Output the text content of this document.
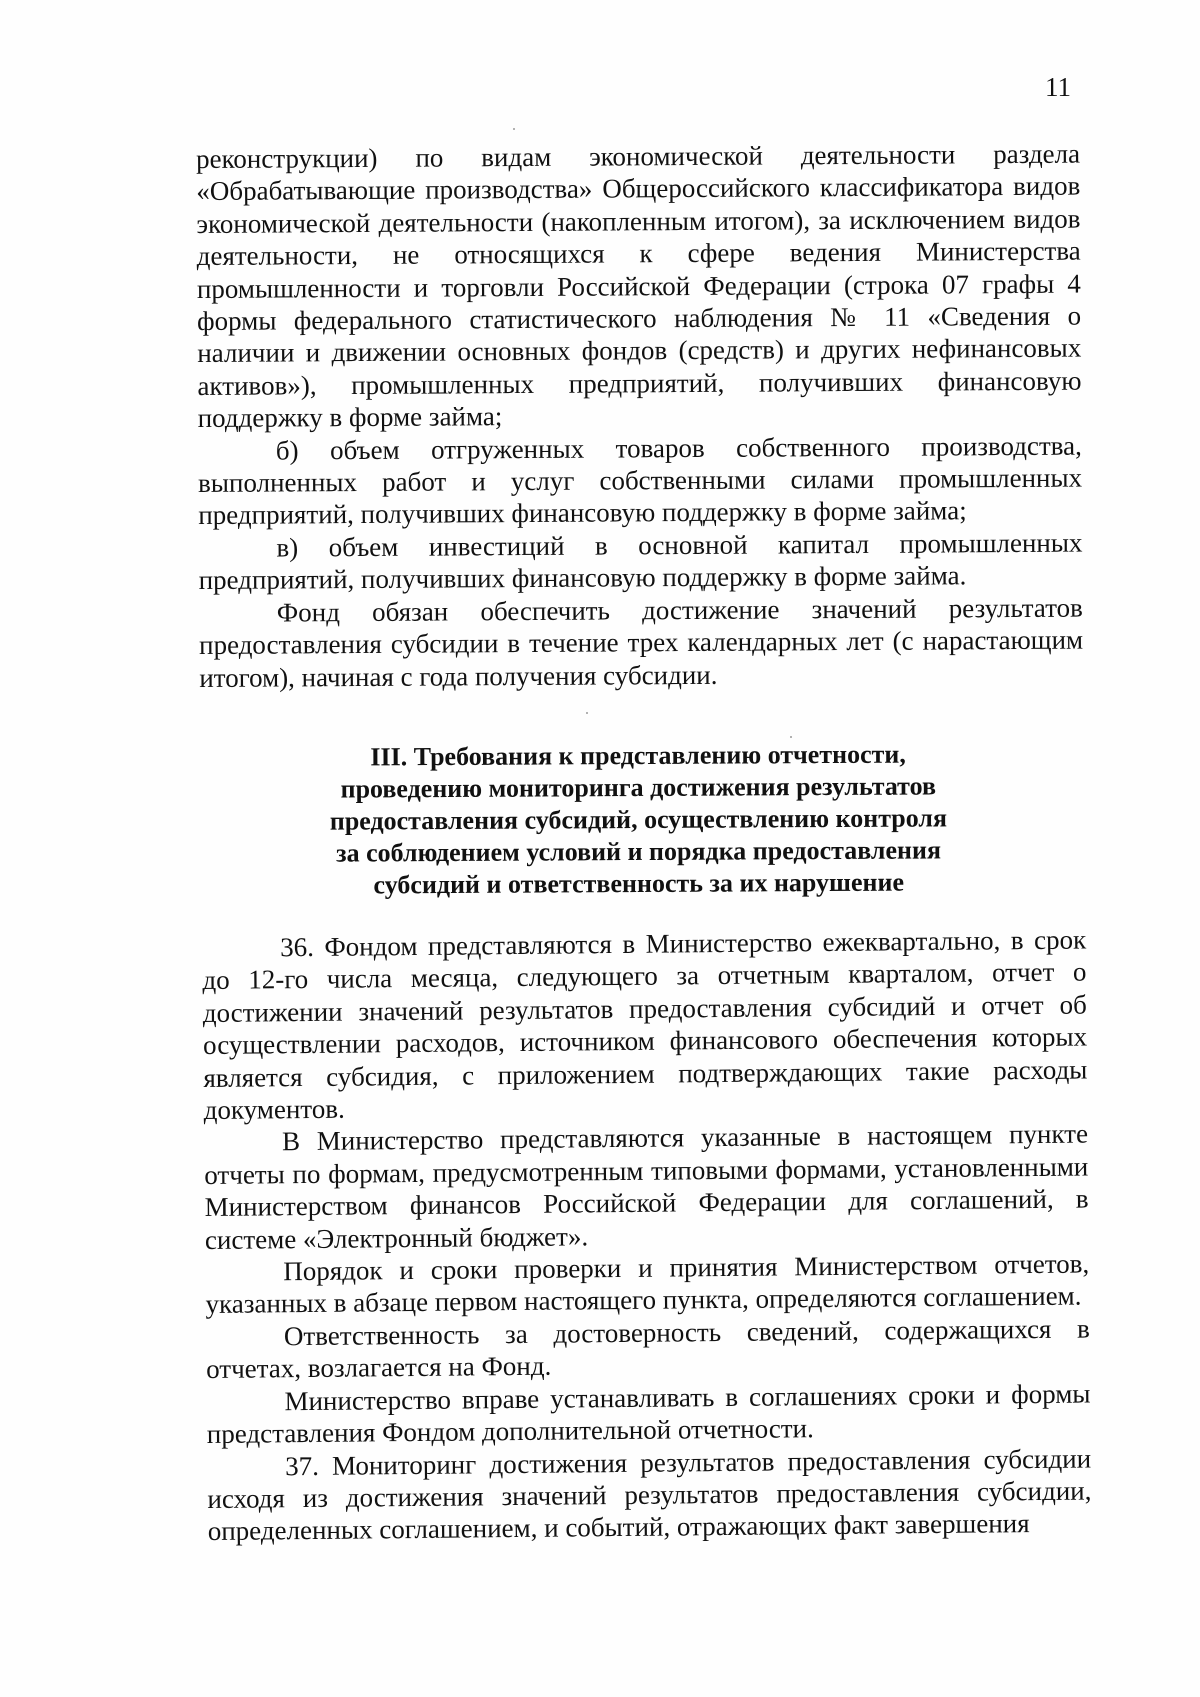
11

реконструкции) по видам экономической деятельности раздела «Обрабатывающие производства» Общероссийского классификатора видов экономической деятельности (накопленным итогом), за исключением видов деятельности, не относящихся к сфере ведения Министерства промышленности и торговли Российской Федерации (строка 07 графы 4 формы федерального статистического наблюдения № 11 «Сведения о наличии и движении основных фондов (средств) и других нефинансовых активов»), промышленных предприятий, получивших финансовую поддержку в форме займа;

б) объем отгруженных товаров собственного производства, выполненных работ и услуг собственными силами промышленных предприятий, получивших финансовую поддержку в форме займа;

в) объем инвестиций в основной капитал промышленных предприятий, получивших финансовую поддержку в форме займа.

Фонд обязан обеспечить достижение значений результатов предоставления субсидии в течение трех календарных лет (с нарастающим итогом), начиная с года получения субсидии.

III. Требования к представлению отчетности,
проведению мониторинга достижения результатов
предоставления субсидий, осуществлению контроля
за соблюдением условий и порядка предоставления
субсидий и ответственность за их нарушение

36. Фондом представляются в Министерство ежеквартально, в срок до 12-го числа месяца, следующего за отчетным кварталом, отчет о достижении значений результатов предоставления субсидий и отчет об осуществлении расходов, источником финансового обеспечения которых является субсидия, с приложением подтверждающих такие расходы документов.

В Министерство представляются указанные в настоящем пункте отчеты по формам, предусмотренным типовыми формами, установленными Министерством финансов Российской Федерации для соглашений, в системе «Электронный бюджет».

Порядок и сроки проверки и принятия Министерством отчетов, указанных в абзаце первом настоящего пункта, определяются соглашением.

Ответственность за достоверность сведений, содержащихся в отчетах, возлагается на Фонд.

Министерство вправе устанавливать в соглашениях сроки и формы представления Фондом дополнительной отчетности.

37. Мониторинг достижения результатов предоставления субсидии исходя из достижения значений результатов предоставления субсидии, определенных соглашением, и событий, отражающих факт завершения
